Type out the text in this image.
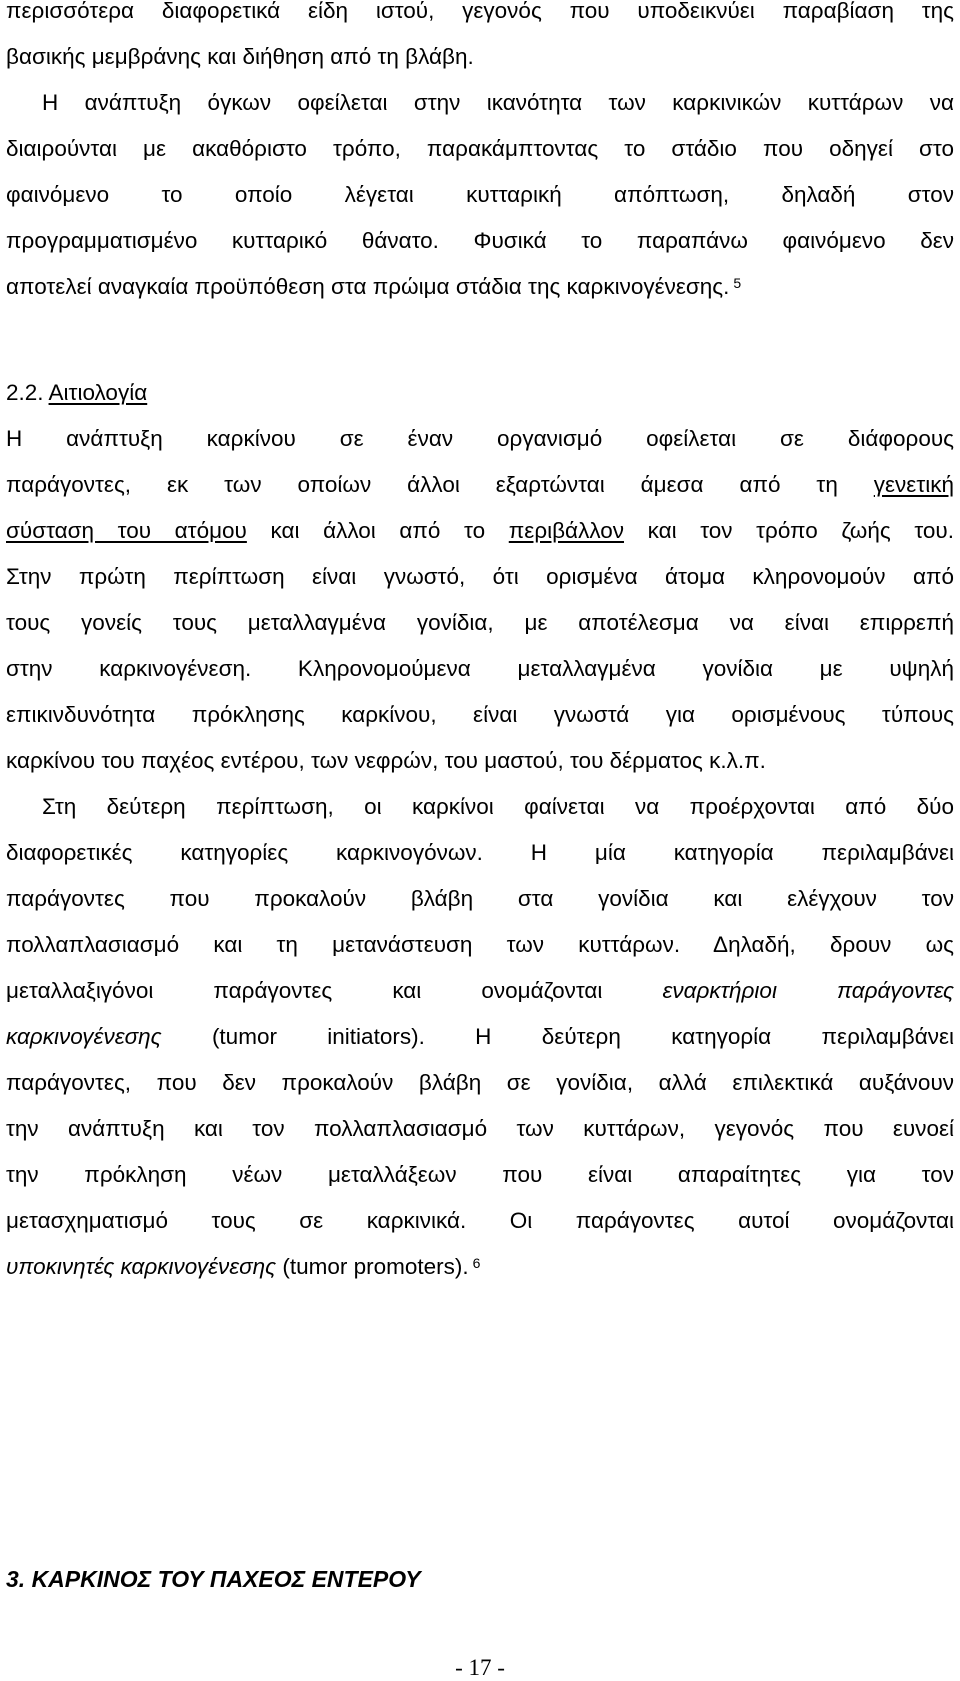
περισσότερα διαφορετικά είδη ιστού, γεγονός που υποδεικνύει παραβίαση της
βασικής μεμβράνης και διήθηση από τη βλάβη.
Η ανάπτυξη όγκων οφείλεται στην ικανότητα των καρκινικών κυττάρων να
διαιρούνται με ακαθόριστο τρόπο, παρακάμπτοντας το στάδιο που οδηγεί στο
φαινόμενο το οποίο λέγεται κυτταρική απόπτωση, δηλαδή στον
προγραμματισμένο κυτταρικό θάνατο. Φυσικά το παραπάνω φαινόμενο δεν
αποτελεί αναγκαία προϋπόθεση στα πρώιμα στάδια της καρκινογένεσης. $^5$
2.2. Αιτιολογία
Η ανάπτυξη καρκίνου σε έναν οργανισμό οφείλεται σε διάφορους
παράγοντες, εκ των οποίων άλλοι εξαρτώνται άμεσα από τη γενετική
σύσταση του ατόμου και άλλοι από το περιβάλλον και τον τρόπο ζωής του.
Στην πρώτη περίπτωση είναι γνωστό, ότι ορισμένα άτομα κληρονομούν από
τους γονείς τους μεταλλαγμένα γονίδια, με αποτέλεσμα να είναι επιρρεπή
στην καρκινογένεση. Κληρονομούμενα μεταλλαγμένα γονίδια με υψηλή
επικινδυνότητα πρόκλησης καρκίνου, είναι γνωστά για ορισμένους τύπους
καρκίνου του παχέος εντέρου, των νεφρών, του μαστού, του δέρματος κ.λ.π.
Στη δεύτερη περίπτωση, οι καρκίνοι φαίνεται να προέρχονται από δύο
διαφορετικές κατηγορίες καρκινογόνων. Η μία κατηγορία περιλαμβάνει
παράγοντες που προκαλούν βλάβη στα γονίδια και ελέγχουν τον
πολλαπλασιασμό και τη μετανάστευση των κυττάρων. Δηλαδή, δρουν ως
μεταλλαξιγόνοι παράγοντες και ονομάζονται	εναρκτήριοι παράγοντες
καρκινογένεσης (tumor initiators). Η δεύτερη κατηγορία περιλαμβάνει
παράγοντες, που δεν προκαλούν βλάβη σε γονίδια, αλλά επιλεκτικά αυξάνουν
την ανάπτυξη και τον πολλαπλασιασμό των κυττάρων, γεγονός που ευνοεί
την πρόκληση νέων μεταλλάξεων που είναι απαραίτητες για τον
μετασχηματισμό τους σε καρκινικά. Οι παράγοντες αυτοί ονομάζονται
υποκινητές καρκινογένεσης (tumor promoters). $^6$
3. ΚΑΡΚΙΝΟΣ ΤΟΥ ΠΑΧΕΟΣ ΕΝΤΕΡΟΥ
- 17 -
